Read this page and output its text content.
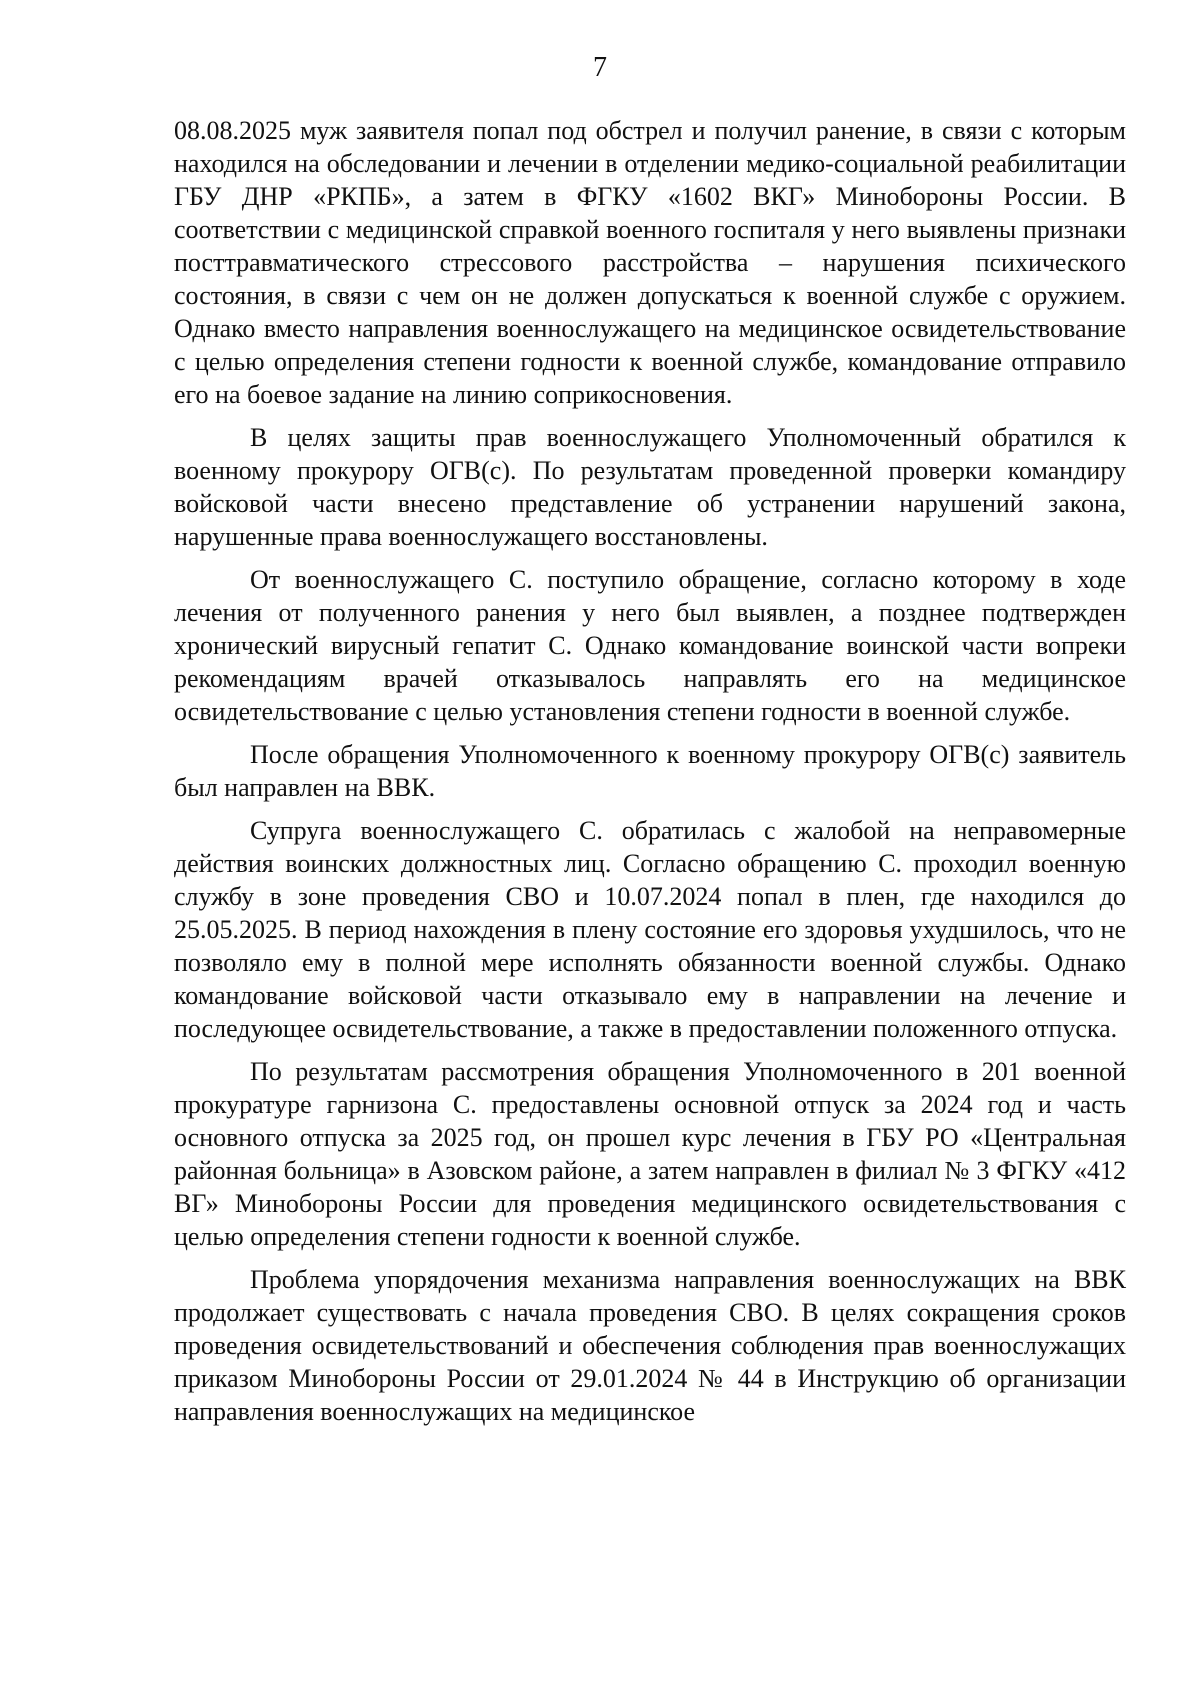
7

08.08.2025 муж заявителя попал под обстрел и получил ранение, в связи с которым находился на обследовании и лечении в отделении медико-социальной реабилитации ГБУ ДНР «РКПБ», а затем в ФГКУ «1602 ВКГ» Минобороны России. В соответствии с медицинской справкой военного госпиталя у него выявлены признаки посттравматического стрессового расстройства – нарушения психического состояния, в связи с чем он не должен допускаться к военной службе с оружием. Однако вместо направления военнослужащего на медицинское освидетельствование с целью определения степени годности к военной службе, командование отправило его на боевое задание на линию соприкосновения.

В целях защиты прав военнослужащего Уполномоченный обратился к военному прокурору ОГВ(с). По результатам проведенной проверки командиру войсковой части внесено представление об устранении нарушений закона, нарушенные права военнослужащего восстановлены.

От военнослужащего С. поступило обращение, согласно которому в ходе лечения от полученного ранения у него был выявлен, а позднее подтвержден хронический вирусный гепатит С. Однако командование воинской части вопреки рекомендациям врачей отказывалось направлять его на медицинское освидетельствование с целью установления степени годности в военной службе.

После обращения Уполномоченного к военному прокурору ОГВ(с) заявитель был направлен на ВВК.

Супруга военнослужащего С. обратилась с жалобой на неправомерные действия воинских должностных лиц. Согласно обращению С. проходил военную службу в зоне проведения СВО и 10.07.2024 попал в плен, где находился до 25.05.2025. В период нахождения в плену состояние его здоровья ухудшилось, что не позволяло ему в полной мере исполнять обязанности военной службы. Однако командование войсковой части отказывало ему в направлении на лечение и последующее освидетельствование, а также в предоставлении положенного отпуска.

По результатам рассмотрения обращения Уполномоченного в 201 военной прокуратуре гарнизона С. предоставлены основной отпуск за 2024 год и часть основного отпуска за 2025 год, он прошел курс лечения в ГБУ РО «Центральная районная больница» в Азовском районе, а затем направлен в филиал № 3 ФГКУ «412 ВГ» Минобороны России для проведения медицинского освидетельствования с целью определения степени годности к военной службе.

Проблема упорядочения механизма направления военнослужащих на ВВК продолжает существовать с начала проведения СВО. В целях сокращения сроков проведения освидетельствований и обеспечения соблюдения прав военнослужащих приказом Минобороны России от 29.01.2024 № 44 в Инструкцию об организации направления военнослужащих на медицинское
